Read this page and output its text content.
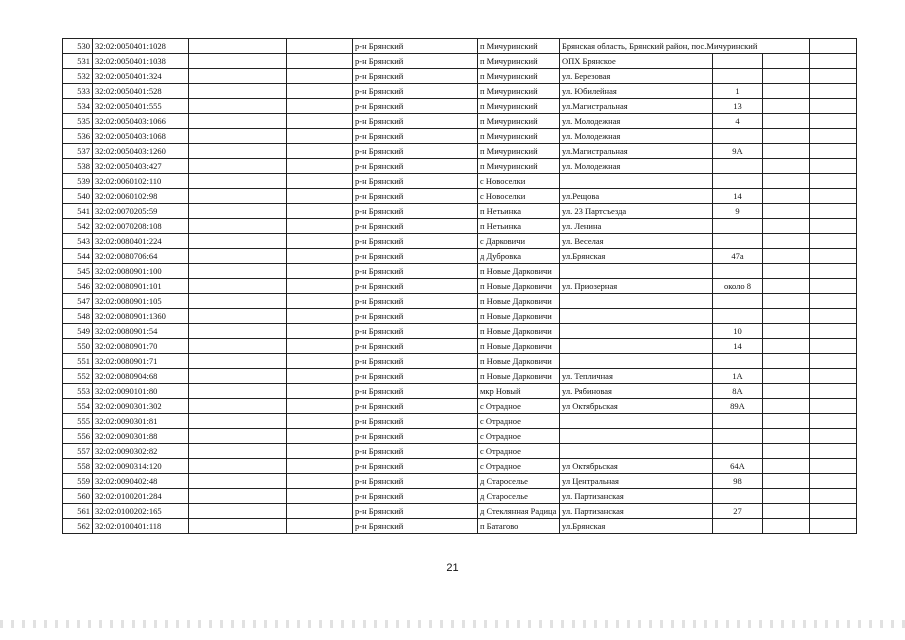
530	32:02:0050401:1028			р-н Брянский	п Мичуринский	Брянская область, Брянский район, пос.Мичуринский			
531	32:02:0050401:1038			р-н Брянский	п Мичуринский	ОПХ Брянское			
532	32:02:0050401:324			р-н Брянский	п Мичуринский	ул. Березовая			
533	32:02:0050401:528			р-н Брянский	п Мичуринский	ул. Юбилейная	1		
534	32:02:0050401:555			р-н Брянский	п Мичуринский	ул.Магистральная	13		
535	32:02:0050403:1066			р-н Брянский	п Мичуринский	ул. Молодежная	4		
536	32:02:0050403:1068			р-н Брянский	п Мичуринский	ул. Молодежная			
537	32:02:0050403:1260			р-н Брянский	п Мичуринский	ул.Магистральная	9А		
538	32:02:0050403:427			р-н Брянский	п Мичуринский	ул. Молодежная			
539	32:02:0060102:110			р-н Брянский	с Новоселки				
540	32:02:0060102:98			р-н Брянский	с Новоселки	ул.Рещова	14		
541	32:02:0070205:59			р-н Брянский	п Нетьинка	ул. 23 Партсъезда	9		
542	32:02:0070208:108			р-н Брянский	п Нетьинка	ул. Ленина			
543	32:02:0080401:224			р-н Брянский	с Дарковичи	ул. Веселая			
544	32:02:0080706:64			р-н Брянский	д Дубровка	ул.Брянская	47а		
545	32:02:0080901:100			р-н Брянский	п Новые Дарковичи				
546	32:02:0080901:101			р-н Брянский	п Новые Дарковичи	ул. Приозерная	около 8		
547	32:02:0080901:105			р-н Брянский	п Новые Дарковичи				
548	32:02:0080901:1360			р-н Брянский	п Новые Дарковичи				
549	32:02:0080901:54			р-н Брянский	п Новые Дарковичи		10		
550	32:02:0080901:70			р-н Брянский	п Новые Дарковичи		14		
551	32:02:0080901:71			р-н Брянский	п Новые Дарковичи				
552	32:02:0080904:68			р-н Брянский	п Новые Дарковичи	ул. Тепличная	1А		
553	32:02:0090101:80			р-н Брянский	мкр Новый	ул. Рябиновая	8А		
554	32:02:0090301:302			р-н Брянский	с Отрадное	ул Октябрьская	89А		
555	32:02:0090301:81			р-н Брянский	с Отрадное				
556	32:02:0090301:88			р-н Брянский	с Отрадное				
557	32:02:0090302:82			р-н Брянский	с Отрадное				
558	32:02:0090314:120			р-н Брянский	с Отрадное	ул Октябрьская	64А		
559	32:02:0090402:48			р-н Брянский	д Староселье	ул Центральная	98		
560	32:02:0100201:284			р-н Брянский	д Староселье	ул. Партизанская			
561	32:02:0100202:165			р-н Брянский	д Стеклянная Радица	ул. Партизанская	27		
562	32:02:0100401:118			р-н Брянский	п Батагово	ул.Брянская			
21
